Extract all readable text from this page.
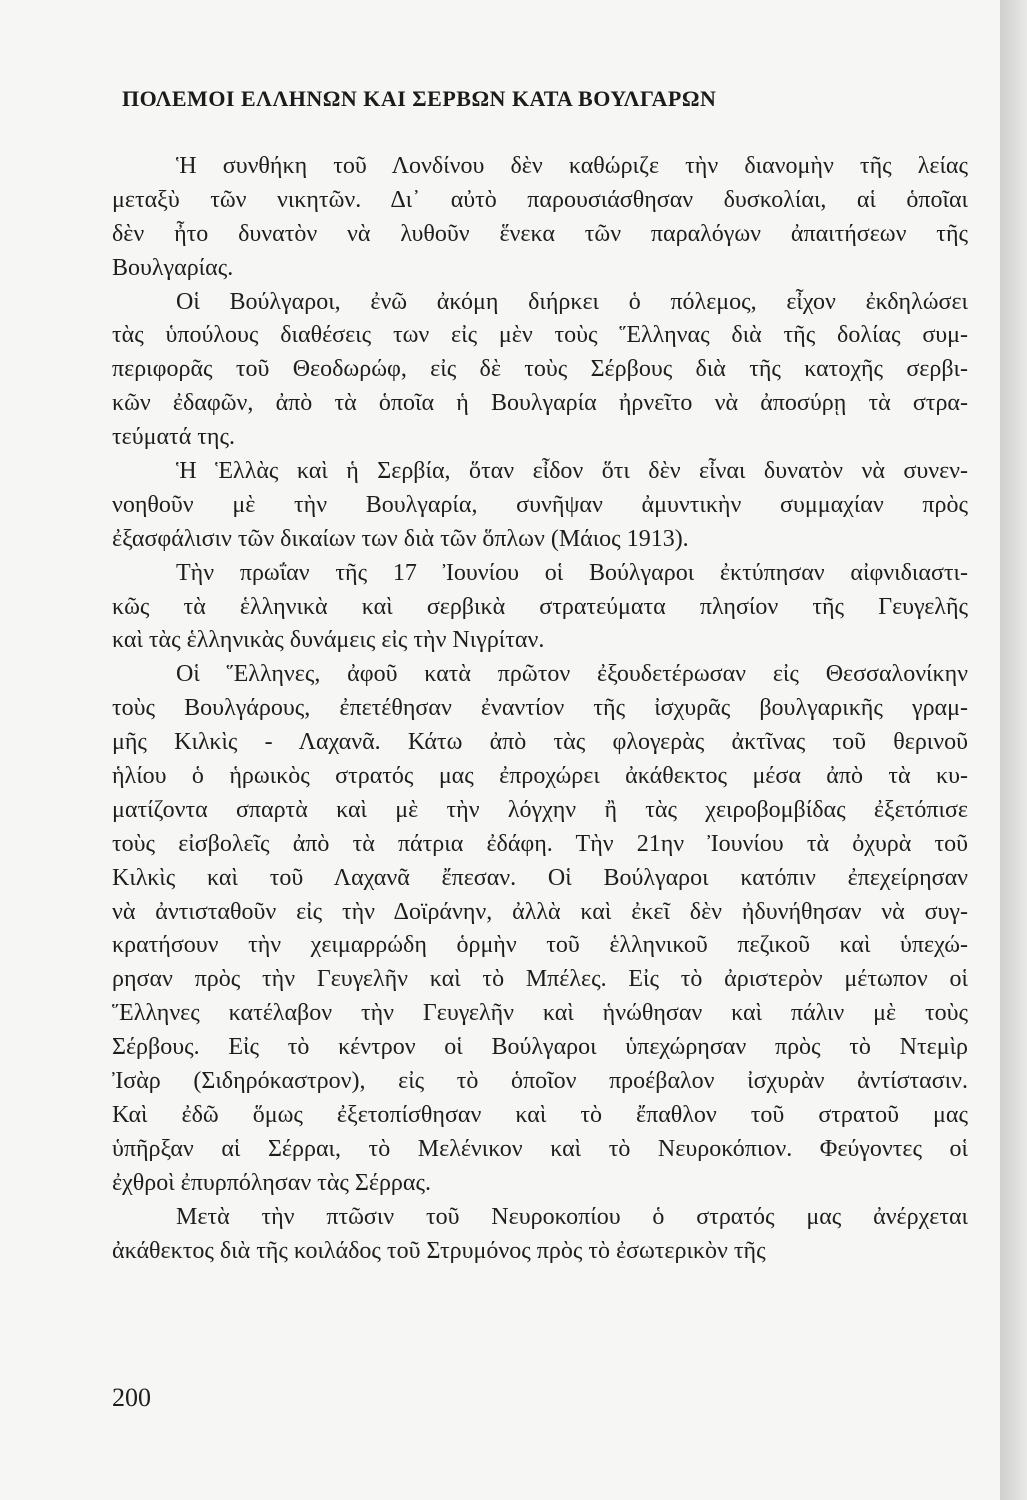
ΠΟΛΕΜΟΙ ΕΛΛΗΝΩΝ ΚΑΙ ΣΕΡΒΩΝ ΚΑΤΑ ΒΟΥΛΓΑΡΩΝ
Ἡ συνθήκη τοῦ Λονδίνου δὲν καθώριζε τὴν διανομὴν τῆς λείας
μεταξὺ τῶν νικητῶν. Δι᾽ αὐτὸ παρουσιάσθησαν δυσκολίαι, αἱ ὁποῖαι
δὲν ἦτο δυνατὸν νὰ λυθοῦν ἕνεκα τῶν παραλόγων ἀπαιτήσεων τῆς
Βουλγαρίας.
Οἱ Βούλγαροι, ἐνῶ ἀκόμη διήρκει ὁ πόλεμος, εἶχον ἐκδηλώσει
τὰς ὑπούλους διαθέσεις των εἰς μὲν τοὺς Ἕλληνας διὰ τῆς δολίας συμ-
περιφορᾶς τοῦ Θεοδωρώφ, εἰς δὲ τοὺς Σέρβους διὰ τῆς κατοχῆς σερβι-
κῶν ἐδαφῶν, ἀπὸ τὰ ὁποῖα ἡ Βουλγαρία ἠρνεῖτο νὰ ἀποσύρῃ τὰ στρα-
τεύματά της.
Ἡ Ἑλλὰς καὶ ἡ Σερβία, ὅταν εἶδον ὅτι δὲν εἶναι δυνατὸν νὰ συνεν-
νοηθοῦν μὲ τὴν Βουλγαρία, συνῆψαν ἀμυντικὴν συμμαχίαν πρὸς
ἐξασφάλισιν τῶν δικαίων των διὰ τῶν ὅπλων (Μάιος 1913).
Τὴν πρωΐαν τῆς 17 Ἰουνίου οἱ Βούλγαροι ἐκτύπησαν αἰφνιδιαστι-
κῶς τὰ ἑλληνικὰ καὶ σερβικὰ στρατεύματα πλησίον τῆς Γευγελῆς
καὶ τὰς ἑλληνικὰς δυνάμεις εἰς τὴν Νιγρίταν.
Οἱ Ἕλληνες, ἀφοῦ κατὰ πρῶτον ἐξουδετέρωσαν εἰς Θεσσαλονίκην
τοὺς Βουλγάρους, ἐπετέθησαν ἐναντίον τῆς ἰσχυρᾶς βουλγαρικῆς γραμ-
μῆς Κιλκὶς - Λαχανᾶ. Κάτω ἀπὸ τὰς φλογερὰς ἀκτῖνας τοῦ θερινοῦ
ἡλίου ὁ ἡρωικὸς στρατός μας ἐπροχώρει ἀκάθεκτος μέσα ἀπὸ τὰ κυ-
ματίζοντα σπαρτὰ καὶ μὲ τὴν λόγχην ἢ τὰς χειροβομβίδας ἐξετόπισε
τοὺς εἰσβολεῖς ἀπὸ τὰ πάτρια ἐδάφη. Τὴν 21ην Ἰουνίου τὰ ὀχυρὰ τοῦ
Κιλκὶς καὶ τοῦ Λαχανᾶ ἔπεσαν. Οἱ Βούλγαροι κατόπιν ἐπεχείρησαν
νὰ ἀντισταθοῦν εἰς τὴν Δοϊράνην, ἀλλὰ καὶ ἐκεῖ δὲν ἠδυνήθησαν νὰ συγ-
κρατήσουν τὴν χειμαρρώδη ὁρμὴν τοῦ ἑλληνικοῦ πεζικοῦ καὶ ὑπεχώ-
ρησαν πρὸς τὴν Γευγελῆν καὶ τὸ Μπέλες. Εἰς τὸ ἀριστερὸν μέτωπον οἱ
Ἕλληνες κατέλαβον τὴν Γευγελῆν καὶ ἡνώθησαν καὶ πάλιν μὲ τοὺς
Σέρβους. Εἰς τὸ κέντρον οἱ Βούλγαροι ὑπεχώρησαν πρὸς τὸ Ντεμὶρ
Ἰσὰρ (Σιδηρόκαστρον), εἰς τὸ ὁποῖον προέβαλον ἰσχυρὰν ἀντίστασιν.
Καὶ ἐδῶ ὅμως ἐξετοπίσθησαν καὶ τὸ ἔπαθλον τοῦ στρατοῦ μας
ὑπῆρξαν αἱ Σέρραι, τὸ Μελένικον καὶ τὸ Νευροκόπιον. Φεύγοντες οἱ
ἐχθροὶ ἐπυρπόλησαν τὰς Σέρρας.
Μετὰ τὴν πτῶσιν τοῦ Νευροκοπίου ὁ στρατός μας ἀνέρχεται
ἀκάθεκτος διὰ τῆς κοιλάδος τοῦ Στρυμόνος πρὸς τὸ ἐσωτερικὸν τῆς
200
